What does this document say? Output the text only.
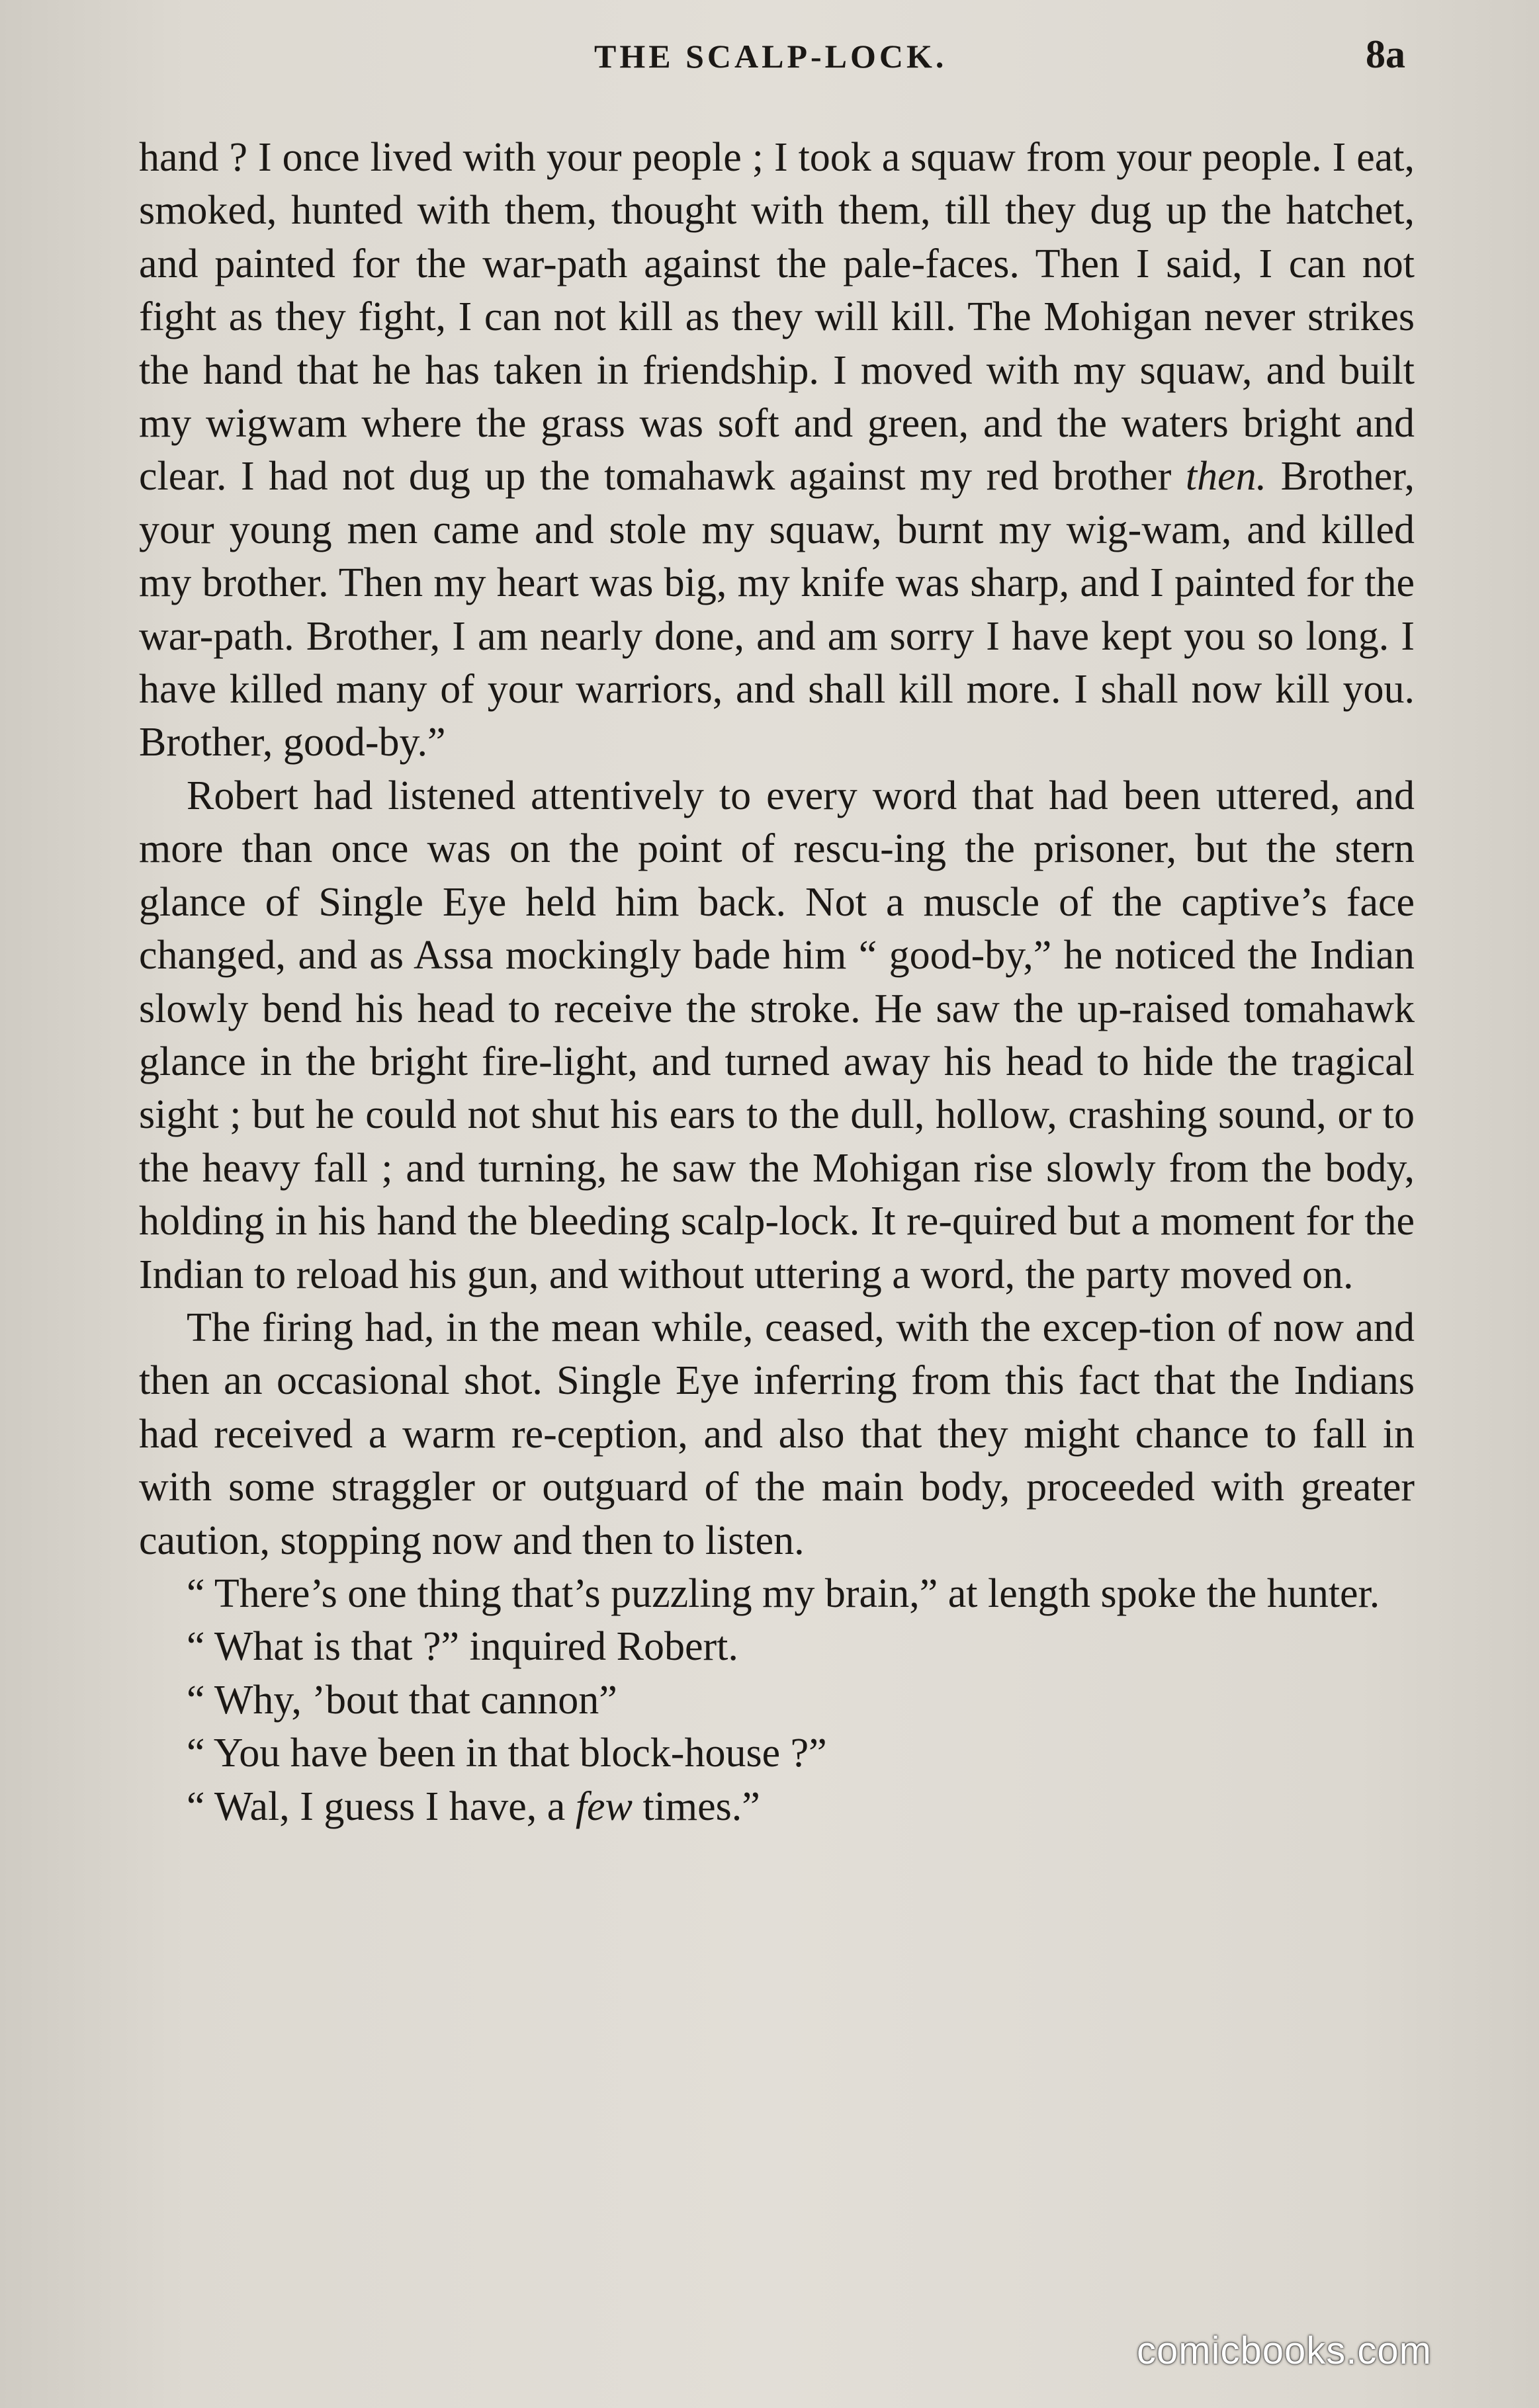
THE SCALP-LOCK.	8a

hand ? I once lived with your people ; I took a squaw from your people. I eat, smoked, hunted with them, thought with them, till they dug up the hatchet, and painted for the war-path against the pale-faces. Then I said, I can not fight as they fight, I can not kill as they will kill. The Mohigan never strikes the hand that he has taken in friendship. I moved with my squaw, and built my wigwam where the grass was soft and green, and the waters bright and clear. I had not dug up the tomahawk against my red brother then. Brother, your young men came and stole my squaw, burnt my wig-wam, and killed my brother. Then my heart was big, my knife was sharp, and I painted for the war-path. Brother, I am nearly done, and am sorry I have kept you so long. I have killed many of your warriors, and shall kill more. I shall now kill you. Brother, good-by.”

Robert had listened attentively to every word that had been uttered, and more than once was on the point of rescu-ing the prisoner, but the stern glance of Single Eye held him back. Not a muscle of the captive’s face changed, and as Assa mockingly bade him “ good-by,” he noticed the Indian slowly bend his head to receive the stroke. He saw the up-raised tomahawk glance in the bright fire-light, and turned away his head to hide the tragical sight ; but he could not shut his ears to the dull, hollow, crashing sound, or to the heavy fall ; and turning, he saw the Mohigan rise slowly from the body, holding in his hand the bleeding scalp-lock. It re-quired but a moment for the Indian to reload his gun, and without uttering a word, the party moved on.

The firing had, in the mean while, ceased, with the excep-tion of now and then an occasional shot. Single Eye inferring from this fact that the Indians had received a warm re-ception, and also that they might chance to fall in with some straggler or outguard of the main body, proceeded with greater caution, stopping now and then to listen.

“ There’s one thing that’s puzzling my brain,” at length spoke the hunter.

“ What is that ?” inquired Robert.

“ Why, ’bout that cannon”

“ You have been in that block-house ?”

“ Wal, I guess I have, a few times.”

comicbooks.com
